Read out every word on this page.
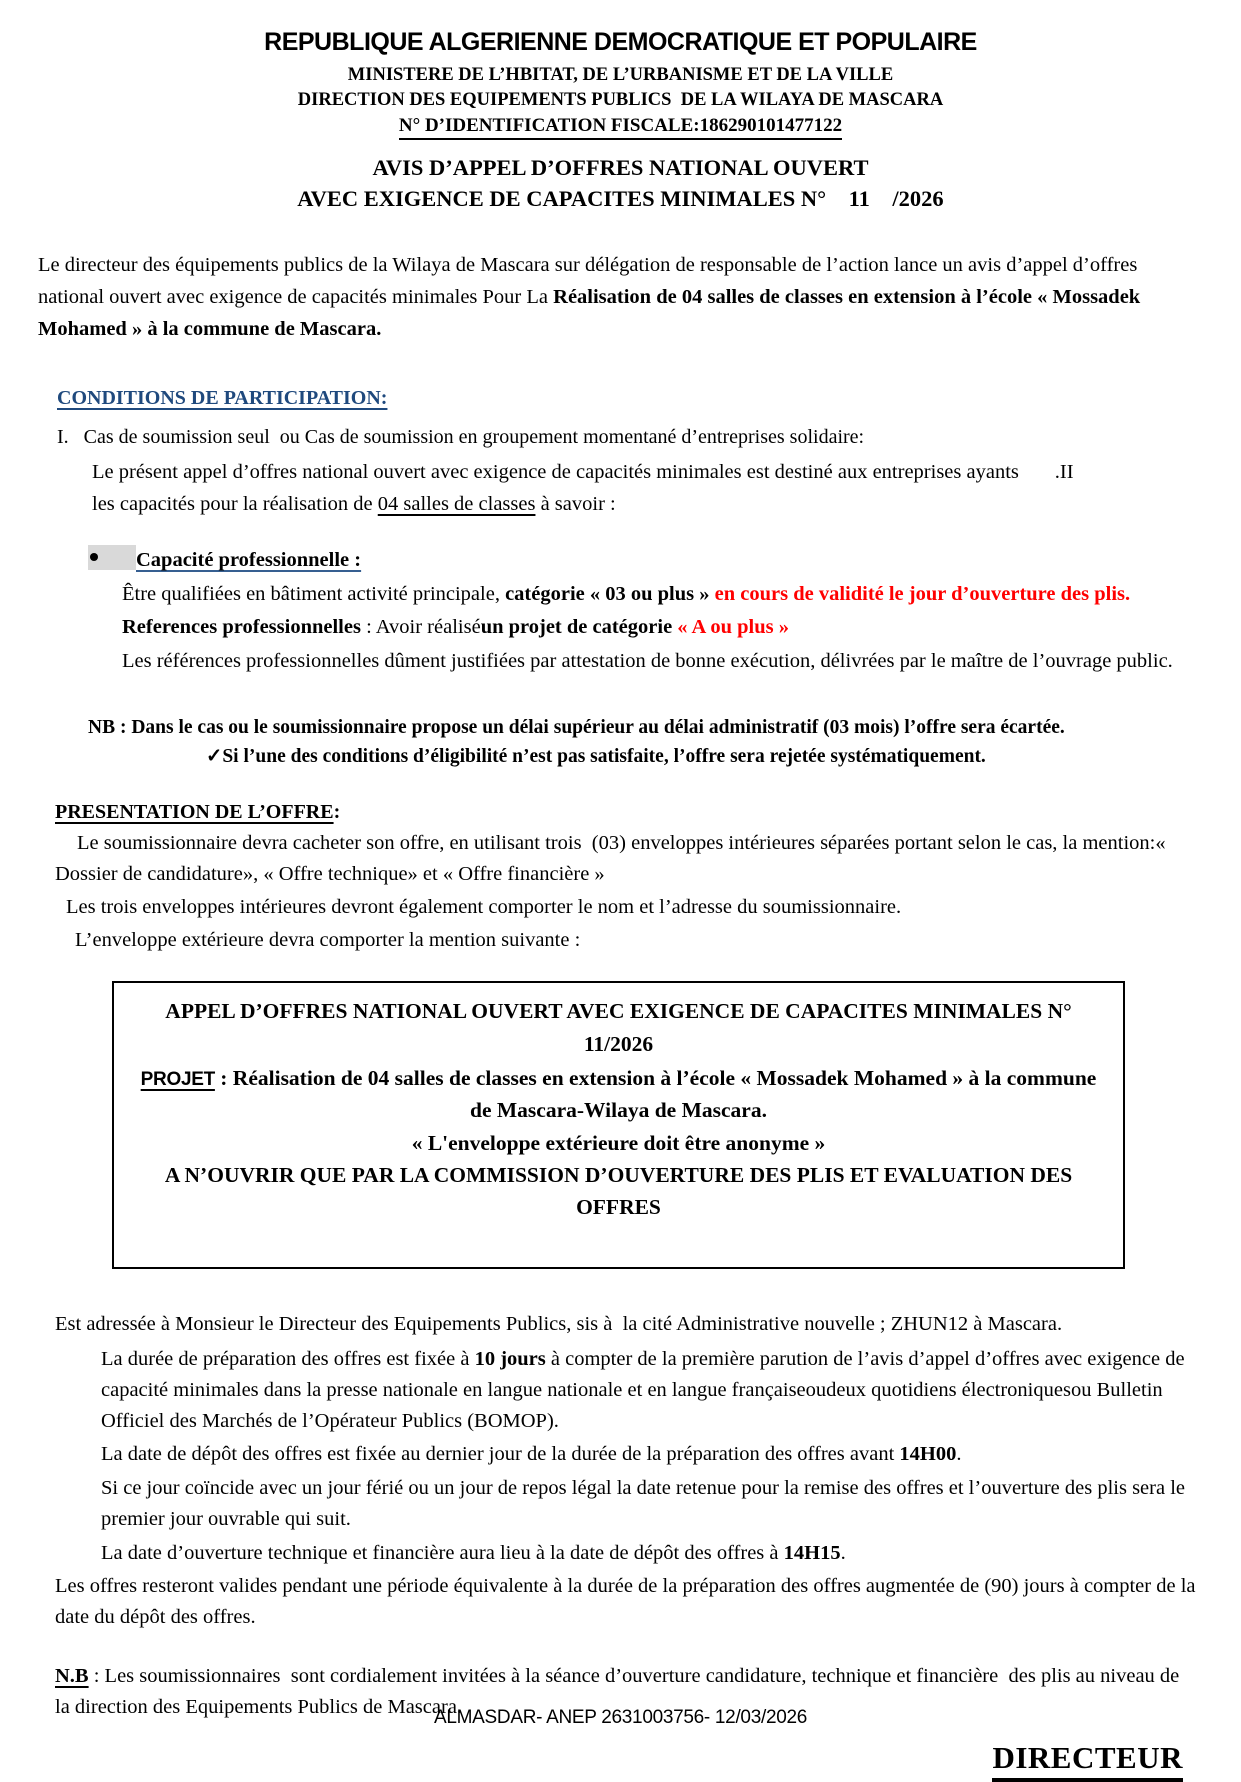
REPUBLIQUE ALGERIENNE DEMOCRATIQUE ET POPULAIRE
MINISTERE DE L’HBITAT, DE L’URBANISME ET DE LA VILLE
DIRECTION DES EQUIPEMENTS PUBLICS  DE LA WILAYA DE MASCARA
N° D’IDENTIFICATION FISCALE:186290101477122
AVIS D’APPEL D’OFFRES NATIONAL OUVERT
AVEC EXIGENCE DE CAPACITES MINIMALES N°    11    /2026

Le directeur des équipements publics de la Wilaya de Mascara sur délégation de responsable de l’action lance un avis d’appel d’offres national ouvert avec exigence de capacités minimales Pour La Réalisation de 04 salles de classes en extension à l’école « Mossadek Mohamed » à la commune de Mascara.

CONDITIONS DE PARTICIPATION:
I.   Cas de soumission seul  ou Cas de soumission en groupement momentané d’entreprises solidaire:
Le présent appel d’offres national ouvert avec exigence de capacités minimales est destiné aux entreprises ayants       .II
les capacités pour la réalisation de 04 salles de classes à savoir :
Capacité professionnelle :
Être qualifiées en bâtiment activité principale, catégorie « 03 ou plus » en cours de validité le jour d’ouverture des plis.
References professionnelles : Avoir réaliséun projet de catégorie « A ou plus »
Les références professionnelles dûment justifiées par attestation de bonne exécution, délivrées par le maître de l’ouvrage public.
NB : Dans le cas ou le soumissionnaire propose un délai supérieur au délai administratif (03 mois) l’offre sera écartée.
✓Si l’une des conditions d’éligibilité n’est pas satisfaite, l’offre sera rejetée systématiquement.
PRESENTATION DE L’OFFRE:

Le soumissionnaire devra cacheter son offre, en utilisant trois  (03) enveloppes intérieures séparées portant selon le cas, la mention:« Dossier de candidature», « Offre technique» et « Offre financière »

Les trois enveloppes intérieures devront également comporter le nom et l’adresse du soumissionnaire.

L’enveloppe extérieure devra comporter la mention suivante :

APPEL D’OFFRES NATIONAL OUVERT AVEC EXIGENCE DE CAPACITES MINIMALES N° 11/2026
PROJET : Réalisation de 04 salles de classes en extension à l’école « Mossadek Mohamed » à la commune de Mascara-Wilaya de Mascara.
« L'enveloppe extérieure doit être anonyme »
A N’OUVRIR QUE PAR LA COMMISSION D’OUVERTURE DES PLIS ET EVALUATION DES OFFRES

Est adressée à Monsieur le Directeur des Equipements Publics, sis à  la cité Administrative nouvelle ; ZHUN12 à Mascara.

La durée de préparation des offres est fixée à 10 jours à compter de la première parution de l’avis d’appel d’offres avec exigence de capacité minimales dans la presse nationale en langue nationale et en langue françaiseoudeux quotidiens électroniquesou Bulletin Officiel des Marchés de l’Opérateur Publics (BOMOP).
La date de dépôt des offres est fixée au dernier jour de la durée de la préparation des offres avant 14H00.
Si ce jour coïncide avec un jour férié ou un jour de repos légal la date retenue pour la remise des offres et l’ouverture des plis sera le premier jour ouvrable qui suit.
La date d’ouverture technique et financière aura lieu à la date de dépôt des offres à 14H15.

Les offres resteront valides pendant une période équivalente à la durée de la préparation des offres augmentée de (90) jours à compter de la date du dépôt des offres.

N.B : Les soumissionnaires  sont cordialement invitées à la séance d’ouverture candidature, technique et financière  des plis au niveau de la direction des Equipements Publics de Mascara.

DIRECTEUR
ALMASDAR- ANEP 2631003756- 12/03/2026
